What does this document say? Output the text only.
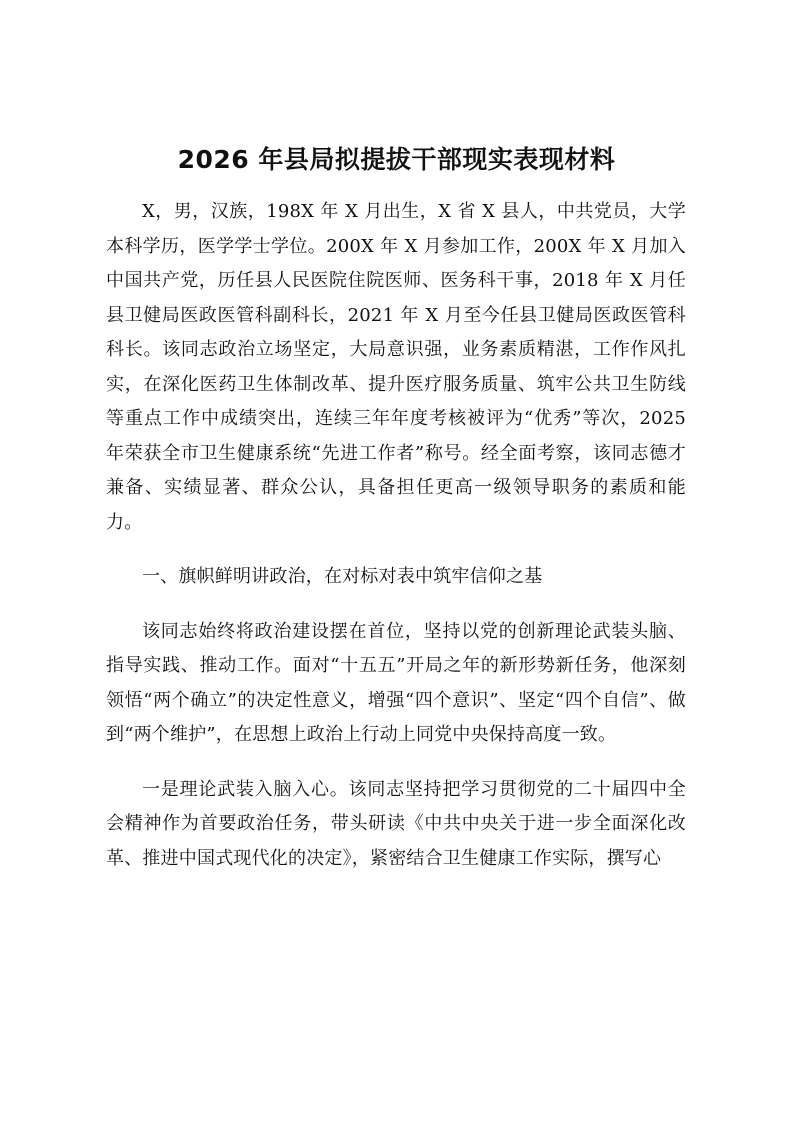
2026 年县局拟提拔干部现实表现材料

X，男，汉族，198X 年 X 月出生，X 省 X 县人，中共党员，大学本科学历，医学学士学位。200X 年 X 月参加工作，200X 年 X 月加入中国共产党，历任县人民医院住院医师、医务科干事，2018 年 X 月任县卫健局医政医管科副科长，2021 年 X 月至今任县卫健局医政医管科科长。该同志政治立场坚定，大局意识强，业务素质精湛，工作作风扎实，在深化医药卫生体制改革、提升医疗服务质量、筑牢公共卫生防线等重点工作中成绩突出，连续三年年度考核被评为“优秀”等次，2025 年荣获全市卫生健康系统“先进工作者”称号。经全面考察，该同志德才兼备、实绩显著、群众公认，具备担任更高一级领导职务的素质和能力。

一、旗帜鲜明讲政治，在对标对表中筑牢信仰之基

该同志始终将政治建设摆在首位，坚持以党的创新理论武装头脑、指导实践、推动工作。面对“十五五”开局之年的新形势新任务，他深刻领悟“两个确立”的决定性意义，增强“四个意识”、坚定“四个自信”、做到“两个维护”，在思想上政治上行动上同党中央保持高度一致。

一是理论武装入脑入心。该同志坚持把学习贯彻党的二十届四中全会精神作为首要政治任务，带头研读《中共中央关于进一步全面深化改革、推进中国式现代化的决定》，紧密结合卫生健康工作实际，撰写心
